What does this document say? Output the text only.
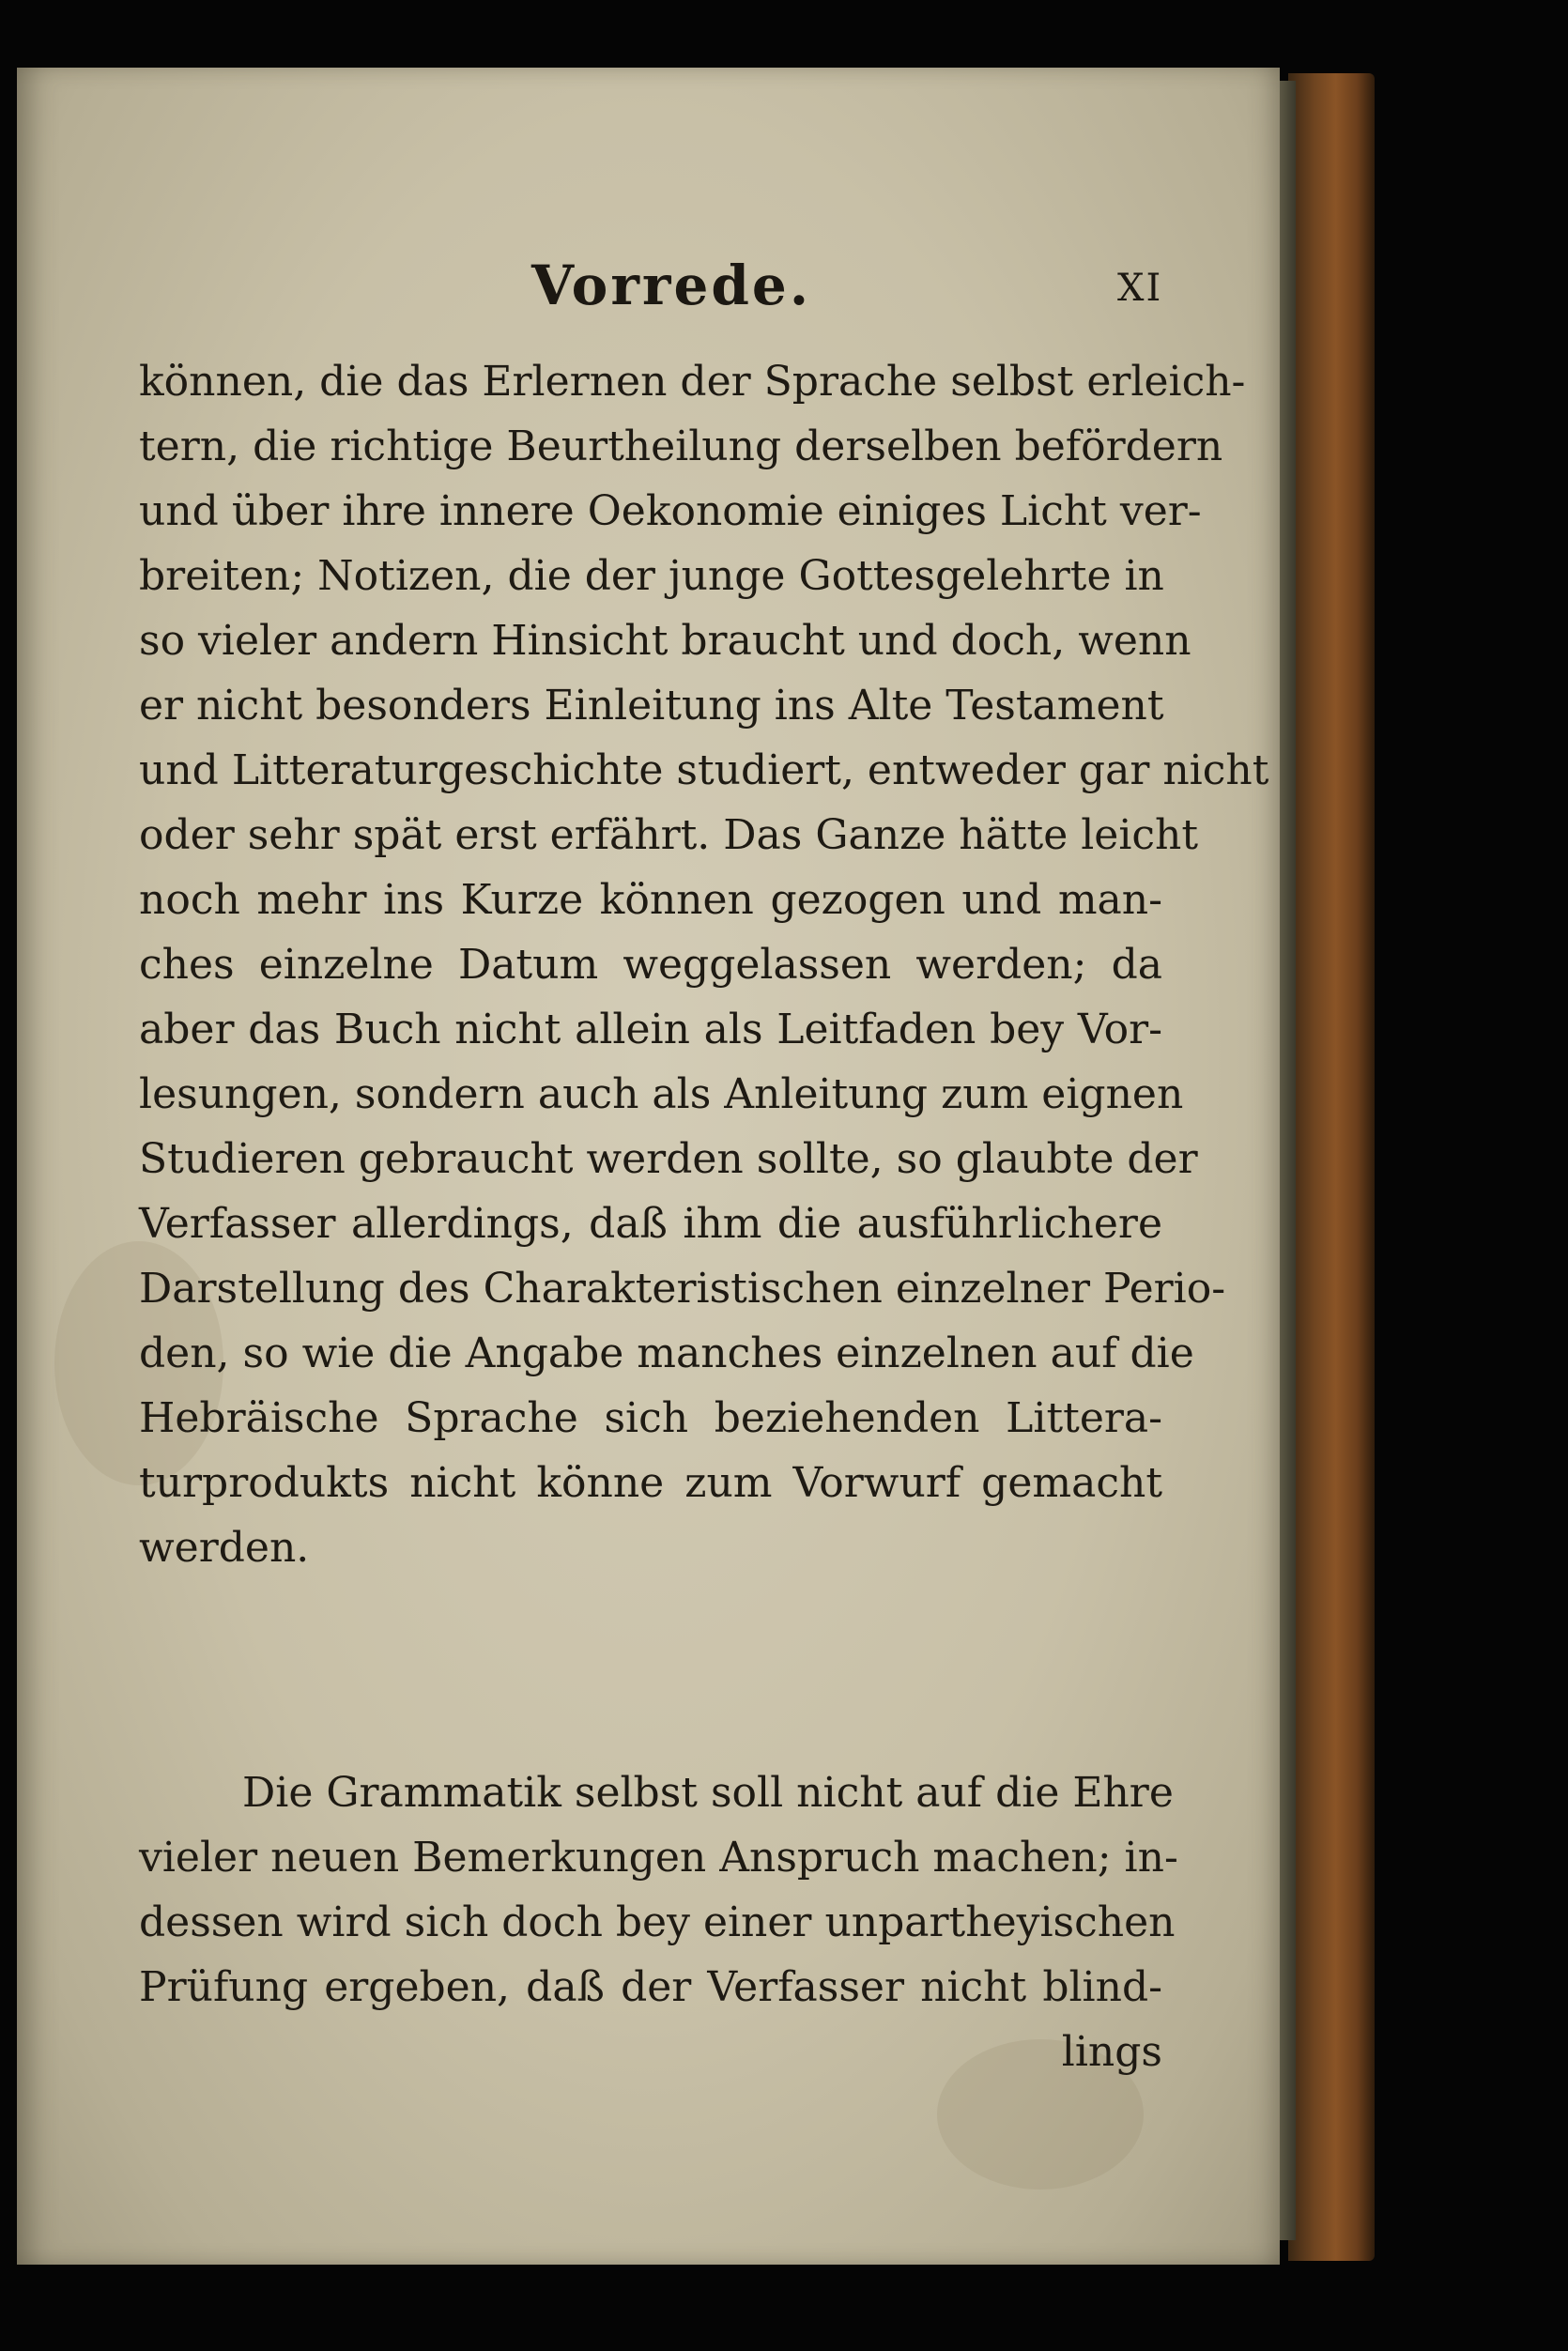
Vorrede.	XI
können, die das Erlernen der Sprache selbst erleich-
tern, die richtige Beurtheilung derselben befördern
und über ihre innere Oekonomie einiges Licht ver-
breiten; Notizen, die der junge Gottesgelehrte in
so vieler andern Hinsicht braucht und doch, wenn
er nicht besonders Einleitung ins Alte Testament
und Litteraturgeschichte studiert, entweder gar nicht
oder sehr spät erst erfährt. Das Ganze hätte leicht
noch mehr ins Kurze können gezogen und man-
ches einzelne Datum weggelassen werden; da
aber das Buch nicht allein als Leitfaden bey Vor-
lesungen, sondern auch als Anleitung zum eignen
Studieren gebraucht werden sollte, so glaubte der
Verfasser allerdings, daß ihm die ausführlichere
Darstellung des Charakteristischen einzelner Perio-
den, so wie die Angabe manches einzelnen auf die
Hebräische Sprache sich beziehenden Littera-
turprodukts nicht könne zum Vorwurf gemacht
werden.
Die Grammatik selbst soll nicht auf die Ehre
vieler neuen Bemerkungen Anspruch machen; in-
dessen wird sich doch bey einer unpartheyischen
Prüfung ergeben, daß der Verfasser nicht blind-
lings
